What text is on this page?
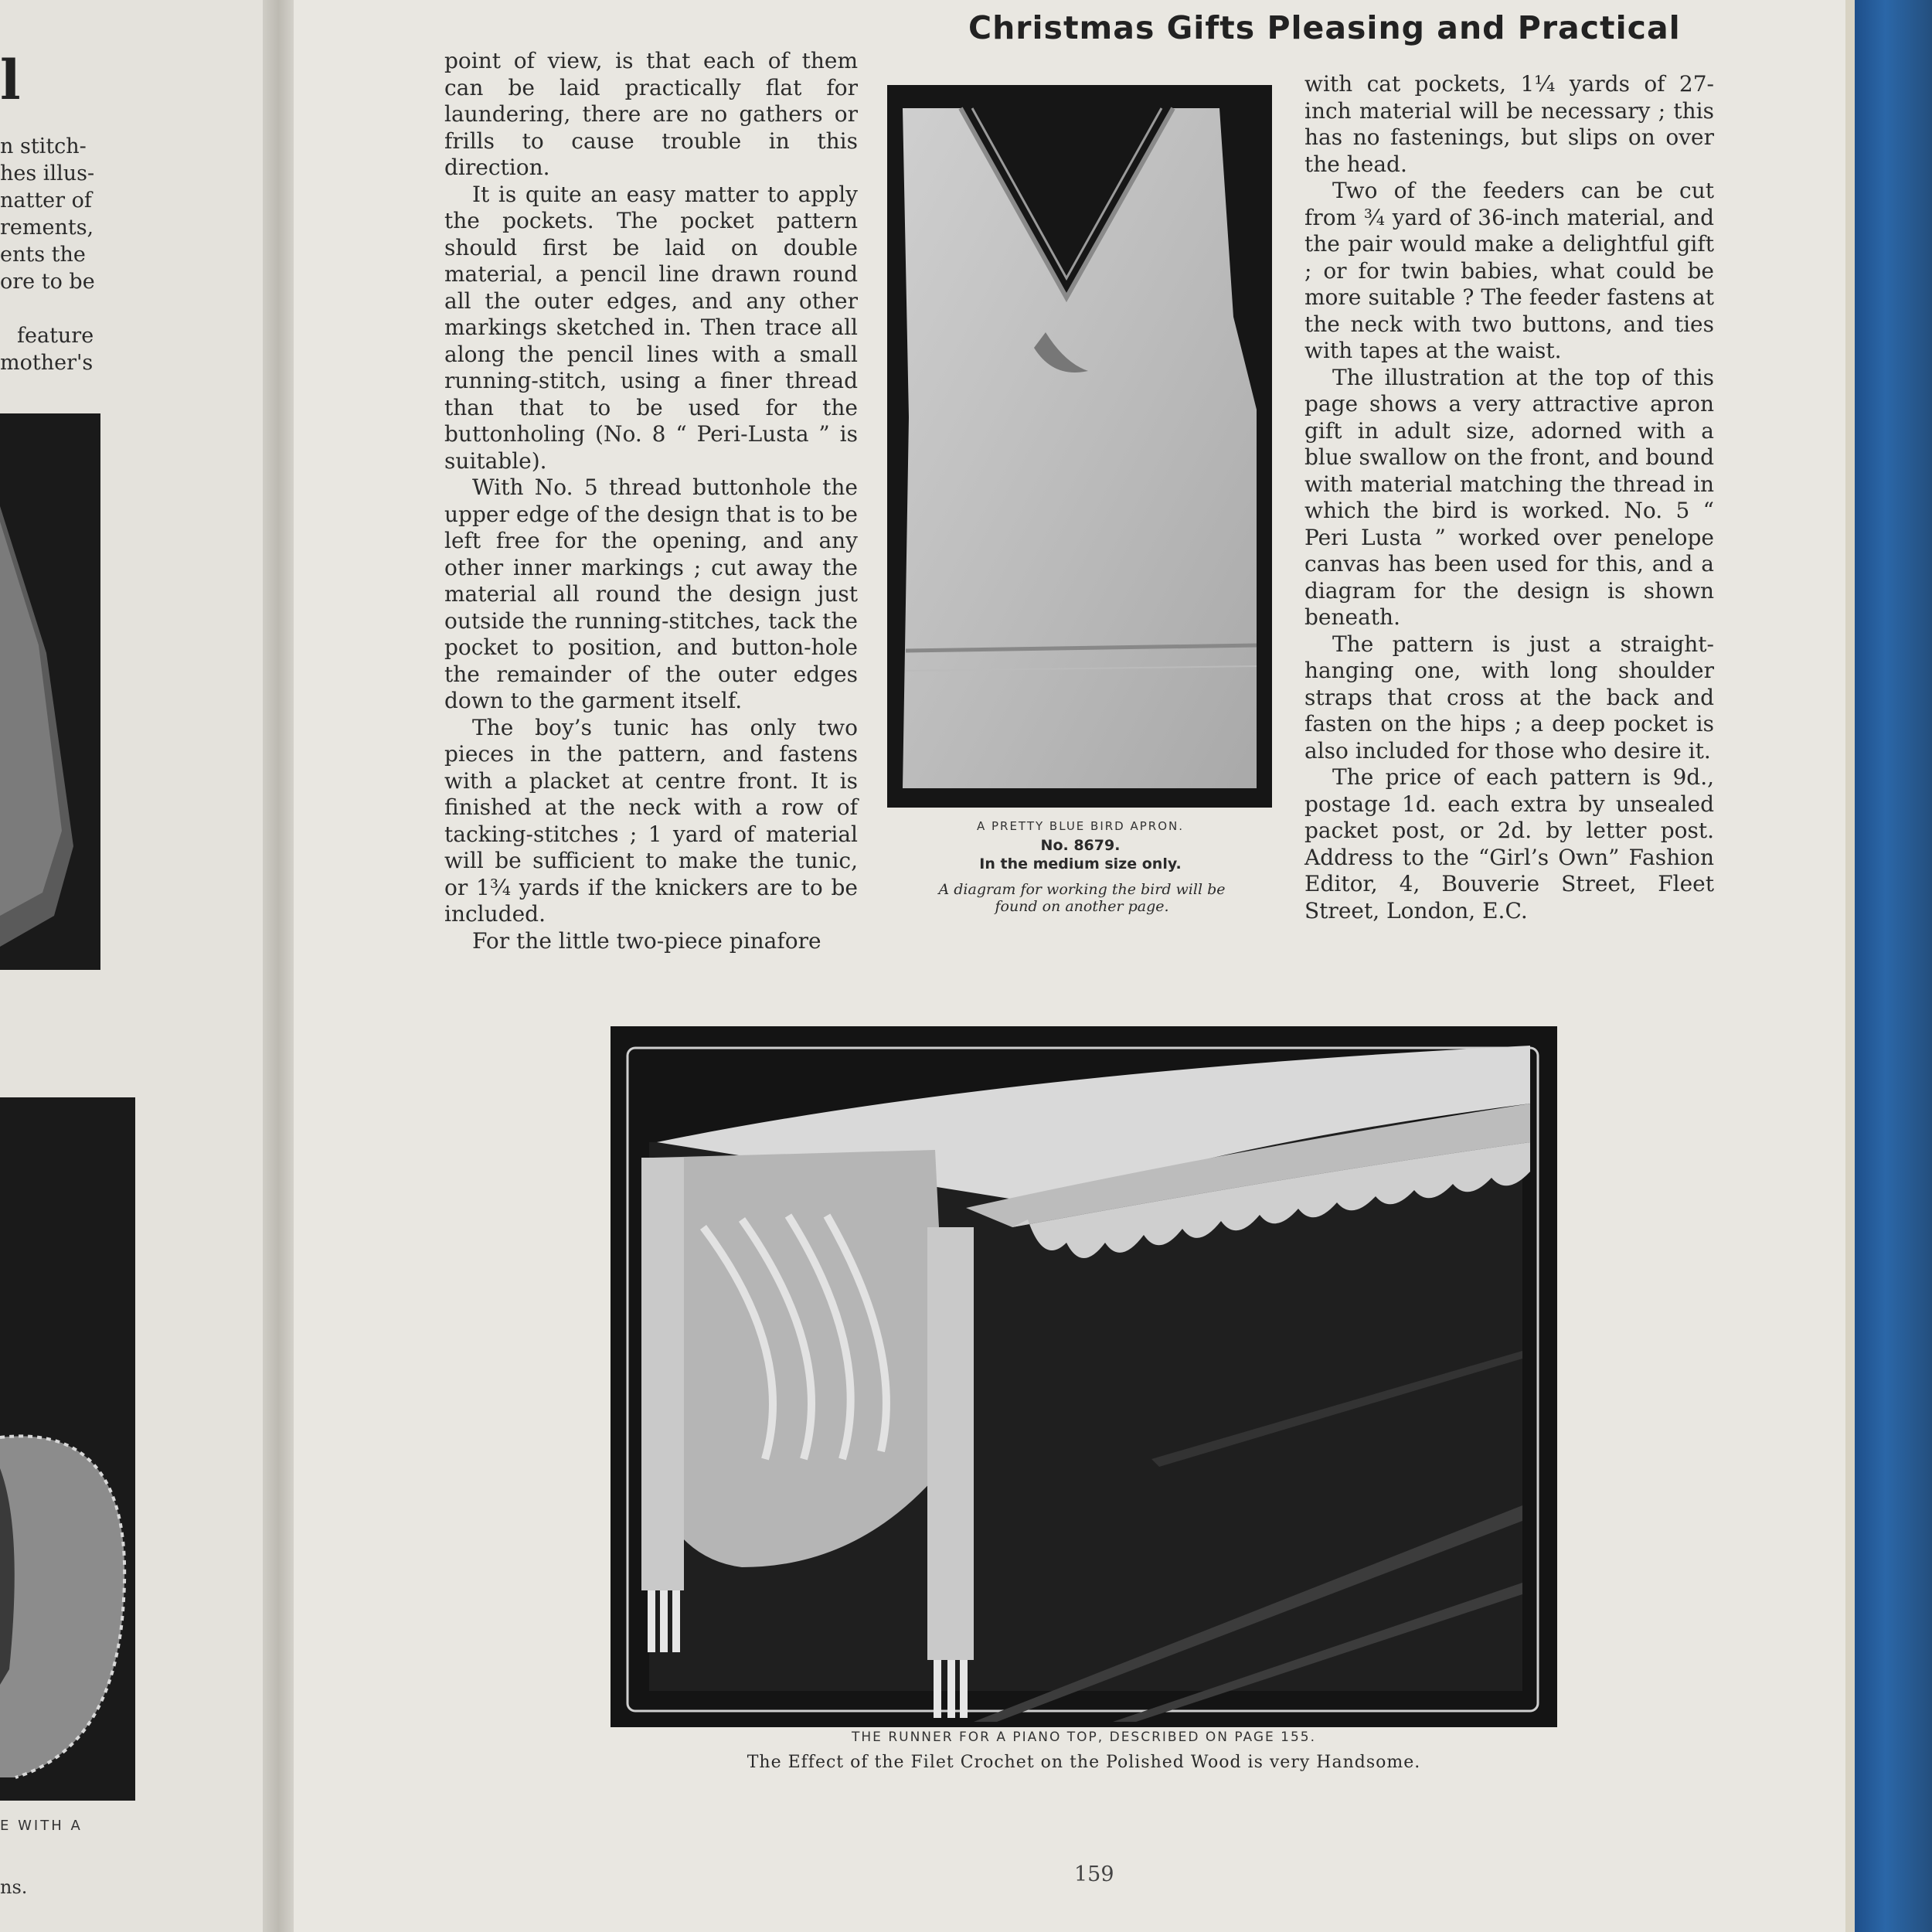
l
n stitch-
hes illus-
natter of
rements,
ents the
ore to be
feature
mother's
E WITH A
ns.
Christmas Gifts Pleasing and Practical

point of view, is that each of them can be laid practically flat for laundering, there are no gathers or frills to cause trouble in this direction.

It is quite an easy matter to apply the pockets. The pocket pattern should first be laid on double material, a pencil line drawn round all the outer edges, and any other markings sketched in. Then trace all along the pencil lines with a small running-stitch, using a finer thread than that to be used for the buttonholing (No. 8 “ Peri-Lusta ” is suitable).

With No. 5 thread buttonhole the upper edge of the design that is to be left free for the opening, and any other inner markings ; cut away the material all round the design just outside the running-stitches, tack the pocket to position, and button-hole the remainder of the outer edges down to the garment itself.

The boy’s tunic has only two pieces in the pattern, and fastens with a placket at centre front. It is finished at the neck with a row of tacking-stitches ; 1 yard of material will be sufficient to make the tunic, or 1¾ yards if the knickers are to be included.

For the little two-piece pinafore

A PRETTY BLUE BIRD APRON.
No. 8679.
In the medium size only.
A diagram for working the bird will be found on another page.

with cat pockets, 1¼ yards of 27-inch material will be necessary ; this has no fastenings, but slips on over the head.

Two of the feeders can be cut from ¾ yard of 36-inch material, and the pair would make a delightful gift ; or for twin babies, what could be more suitable ? The feeder fastens at the neck with two buttons, and ties with tapes at the waist.

The illustration at the top of this page shows a very attractive apron gift in adult size, adorned with a blue swallow on the front, and bound with material matching the thread in which the bird is worked. No. 5 “ Peri Lusta ” worked over penelope canvas has been used for this, and a diagram for the design is shown beneath.

The pattern is just a straight-hanging one, with long shoulder straps that cross at the back and fasten on the hips ; a deep pocket is also included for those who desire it.

The price of each pattern is 9d., postage 1d. each extra by unsealed packet post, or 2d. by letter post. Address to the “Girl’s Own” Fashion Editor, 4, Bouverie Street, Fleet Street, London, E.C.

THE RUNNER FOR A PIANO TOP, DESCRIBED ON PAGE 155.
The Effect of the Filet Crochet on the Polished Wood is very Handsome.
159
